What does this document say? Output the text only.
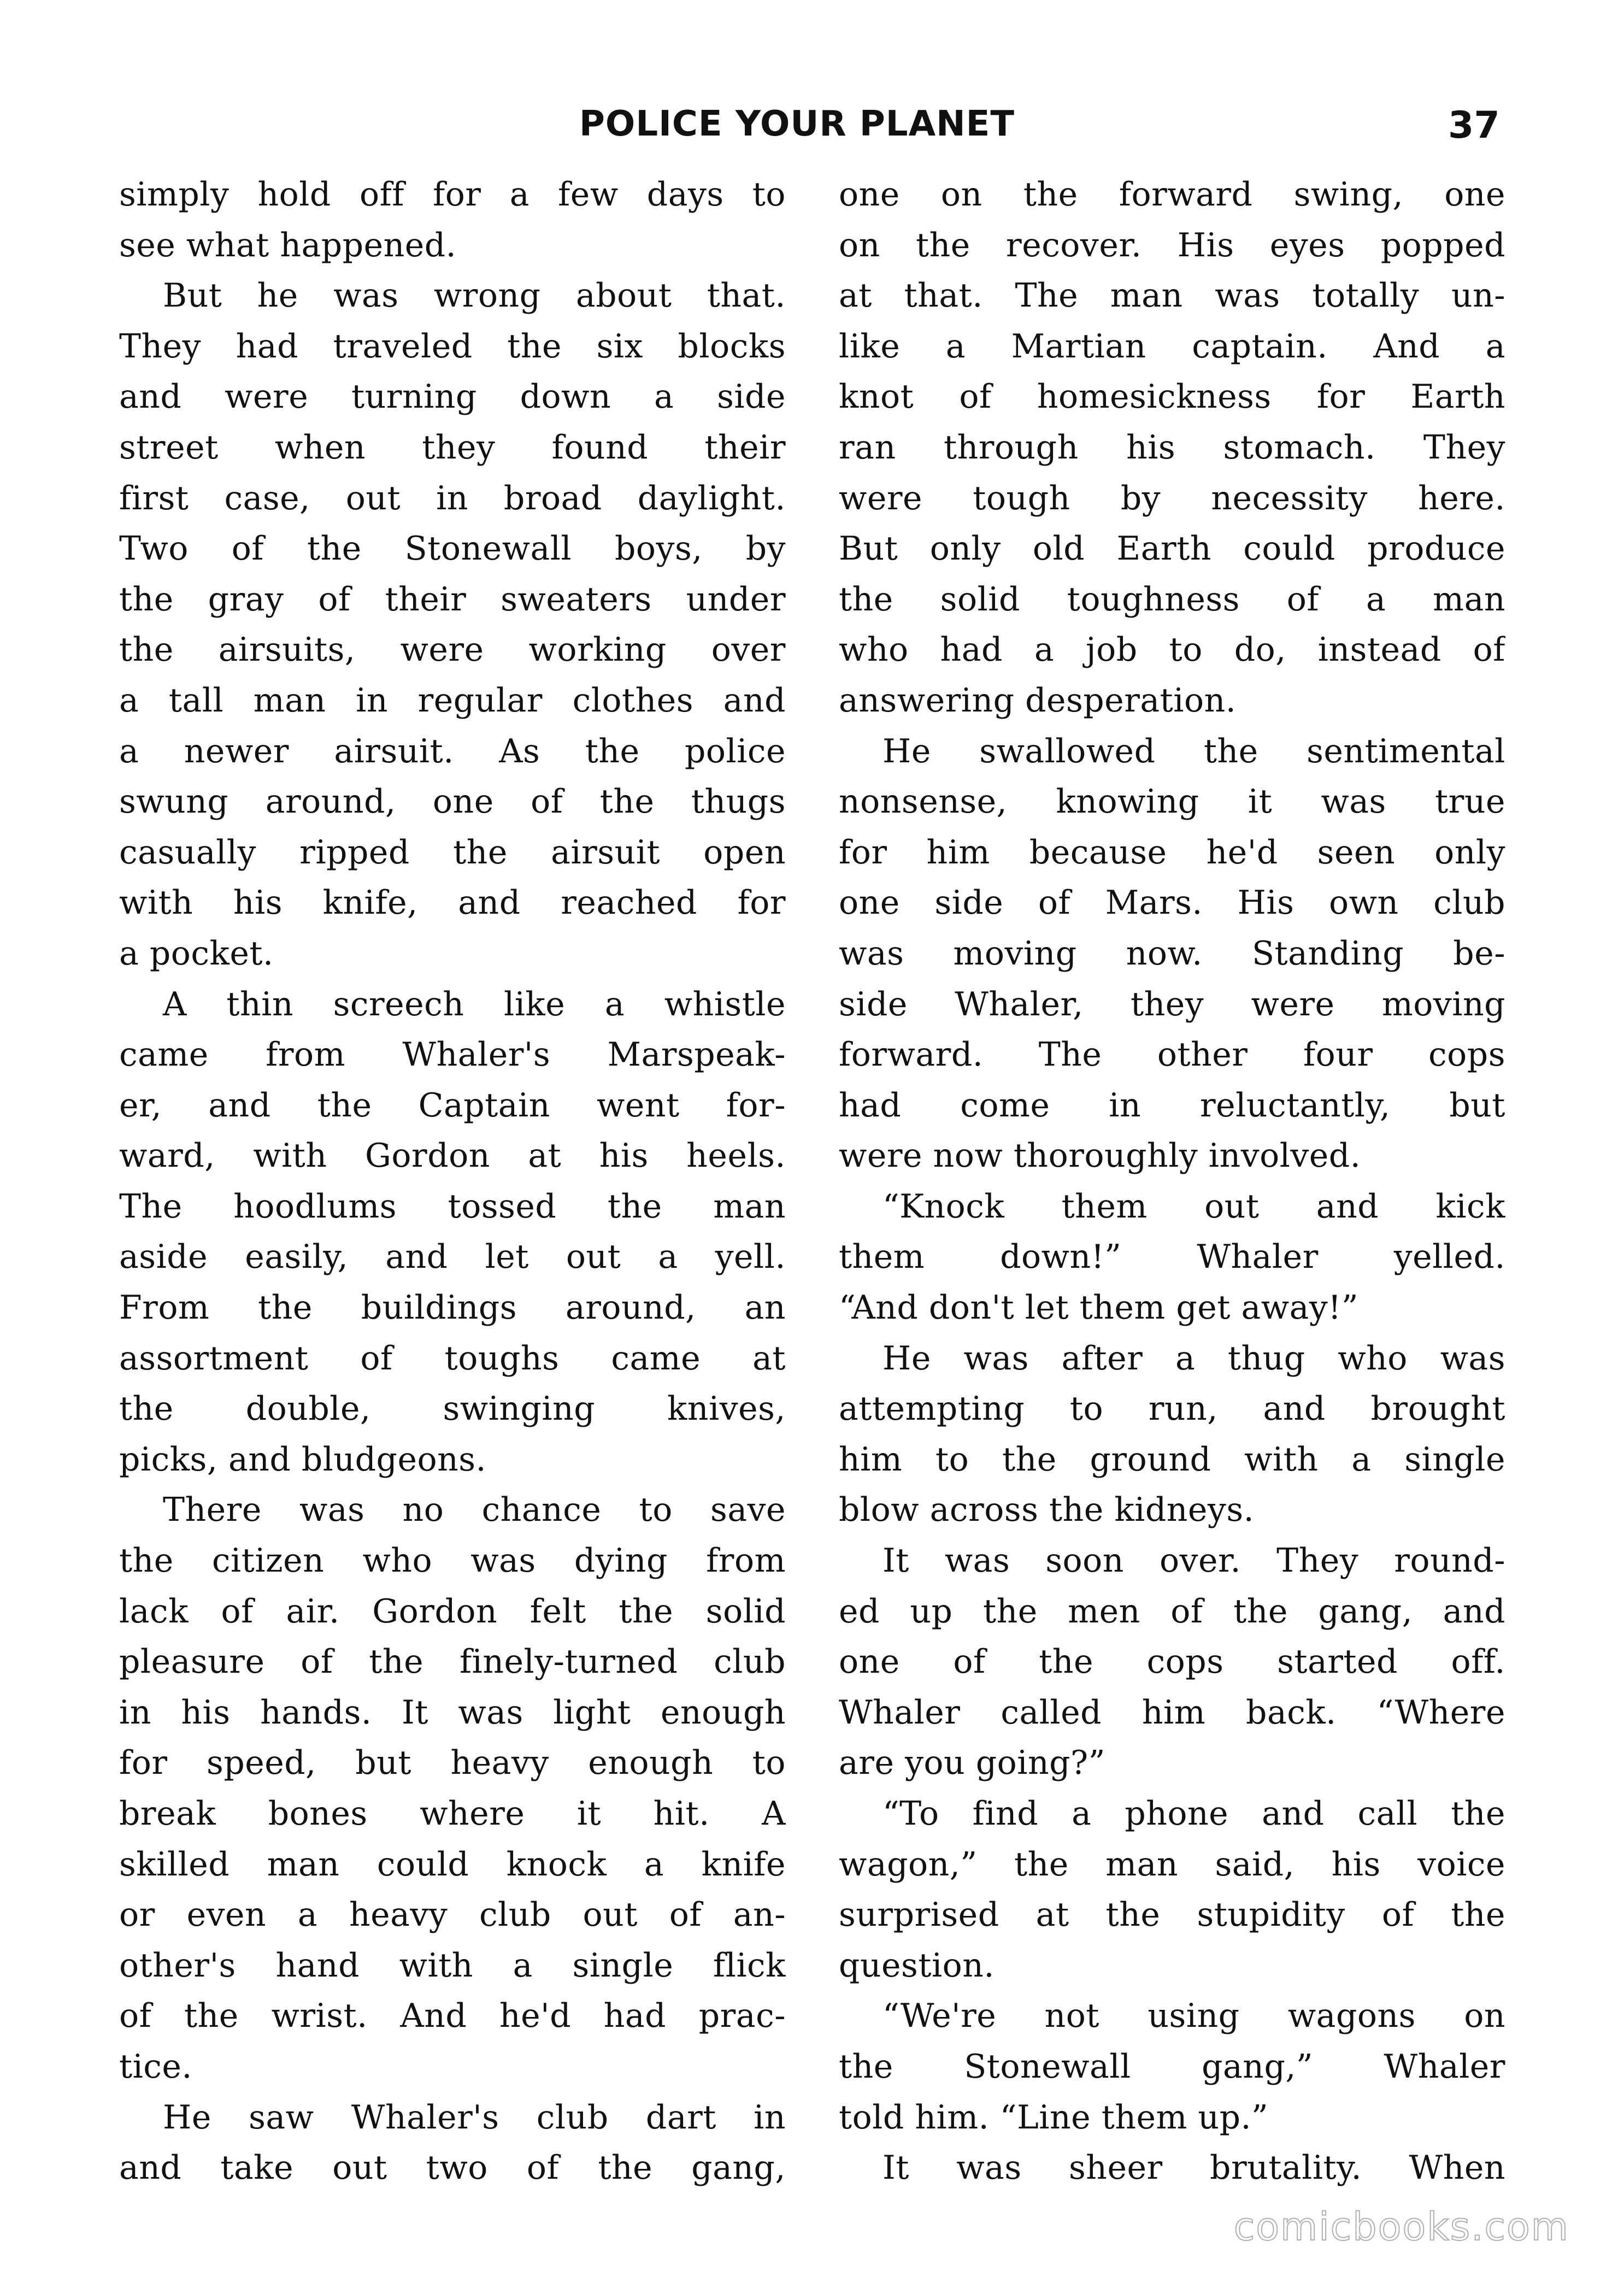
POLICE YOUR PLANET	37
simply hold off for a few days to
see what happened.
But he was wrong about that.
They had traveled the six blocks
and were turning down a side
street when they found their
first case, out in broad daylight.
Two of the Stonewall boys, by
the gray of their sweaters under
the airsuits, were working over
a tall man in regular clothes and
a newer airsuit. As the police
swung around, one of the thugs
casually ripped the airsuit open
with his knife, and reached for
a pocket.
A thin screech like a whistle
came from Whaler's Marspeak-
er, and the Captain went for-
ward, with Gordon at his heels.
The hoodlums tossed the man
aside easily, and let out a yell.
From the buildings around, an
assortment of toughs came at
the double, swinging knives,
picks, and bludgeons.
There was no chance to save
the citizen who was dying from
lack of air. Gordon felt the solid
pleasure of the finely-turned club
in his hands. It was light enough
for speed, but heavy enough to
break bones where it hit. A
skilled man could knock a knife
or even a heavy club out of an-
other's hand with a single flick
of the wrist. And he'd had prac-
tice.
He saw Whaler's club dart in
and take out two of the gang,
one on the forward swing, one
on the recover. His eyes popped
at that. The man was totally un-
like a Martian captain. And a
knot of homesickness for Earth
ran through his stomach. They
were tough by necessity here.
But only old Earth could produce
the solid toughness of a man
who had a job to do, instead of
answering desperation.
He swallowed the sentimental
nonsense, knowing it was true
for him because he'd seen only
one side of Mars. His own club
was moving now. Standing be-
side Whaler, they were moving
forward. The other four cops
had come in reluctantly, but
were now thoroughly involved.
“Knock them out and kick
them down!” Whaler yelled.
“And don't let them get away!”
He was after a thug who was
attempting to run, and brought
him to the ground with a single
blow across the kidneys.
It was soon over. They round-
ed up the men of the gang, and
one of the cops started off.
Whaler called him back. “Where
are you going?”
“To find a phone and call the
wagon,” the man said, his voice
surprised at the stupidity of the
question.
“We're not using wagons on
the Stonewall gang,” Whaler
told him. “Line them up.”
It was sheer brutality. When
comicbooks.com
